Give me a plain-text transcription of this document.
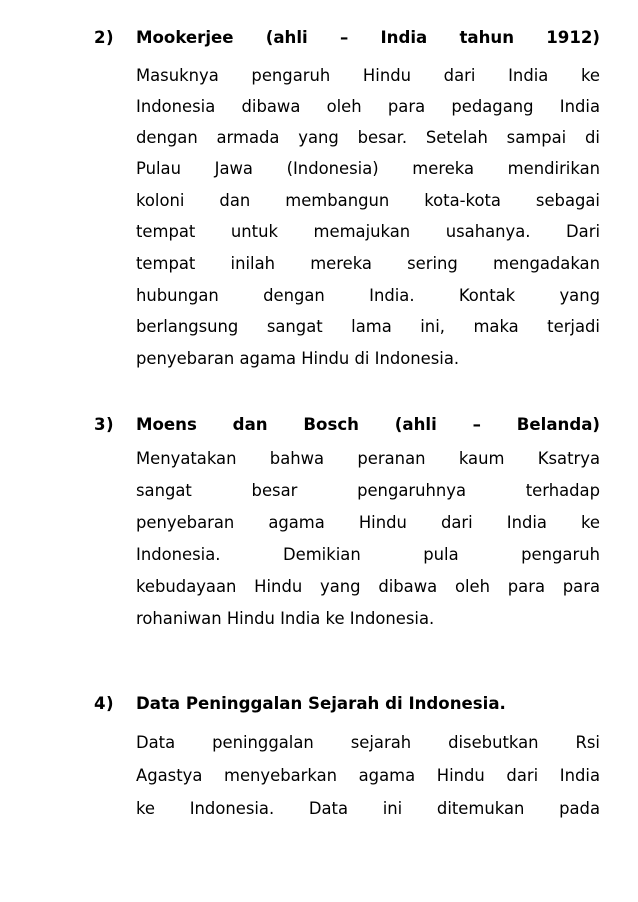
2)	Mookerjee (ahli – India tahun 1912)
Masuknya pengaruh Hindu dari India ke
Indonesia dibawa oleh para pedagang India
dengan armada yang besar. Setelah sampai di
Pulau Jawa (Indonesia) mereka mendirikan
koloni dan membangun kota-kota sebagai
tempat untuk memajukan usahanya. Dari
tempat inilah mereka sering mengadakan
hubungan dengan India. Kontak yang
berlangsung sangat lama ini, maka terjadi
penyebaran agama Hindu di Indonesia.
3)	Moens dan Bosch (ahli – Belanda)
Menyatakan bahwa peranan kaum Ksatrya
sangat besar pengaruhnya terhadap
penyebaran agama Hindu dari India ke
Indonesia. Demikian pula pengaruh
kebudayaan Hindu yang dibawa oleh para para
rohaniwan Hindu India ke Indonesia.
4)	Data Peninggalan Sejarah di Indonesia.
Data peninggalan sejarah disebutkan Rsi
Agastya menyebarkan agama Hindu dari India
ke Indonesia. Data ini ditemukan pada
